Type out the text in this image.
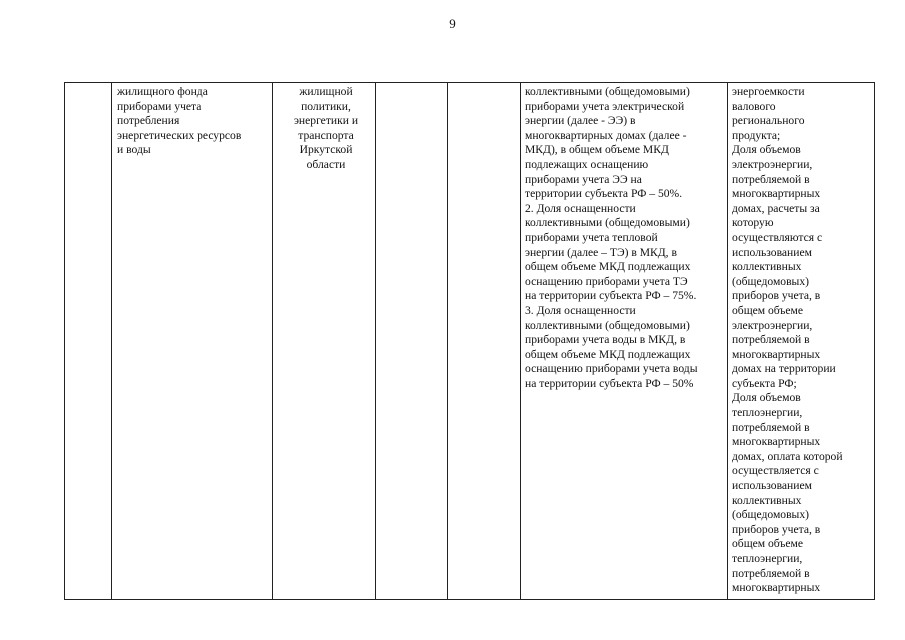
9
жилищного фонда
приборами учета
потребления
энергетических ресурсов
и воды
жилищной
политики,
энергетики и
транспорта
Иркутской
области
коллективными (общедомовыми)
приборами учета электрической
энергии (далее - ЭЭ) в
многоквартирных домах (далее -
МКД), в общем объеме МКД
подлежащих оснащению
приборами учета ЭЭ на
территории субъекта РФ – 50%.
2. Доля оснащенности
коллективными (общедомовыми)
приборами учета тепловой
энергии (далее – ТЭ) в МКД, в
общем объеме МКД подлежащих
оснащению приборами учета ТЭ
на территории субъекта РФ – 75%.
3. Доля оснащенности
коллективными (общедомовыми)
приборами учета воды в МКД, в
общем объеме МКД подлежащих
оснащению приборами учета воды
на территории субъекта РФ – 50%
энергоемкости
валового
регионального
продукта;
Доля объемов
электроэнергии,
потребляемой в
многоквартирных
домах, расчеты за
которую
осуществляются с
использованием
коллективных
(общедомовых)
приборов учета, в
общем объеме
электроэнергии,
потребляемой в
многоквартирных
домах на территории
субъекта РФ;
Доля объемов
теплоэнергии,
потребляемой в
многоквартирных
домах, оплата которой
осуществляется с
использованием
коллективных
(общедомовых)
приборов учета, в
общем объеме
теплоэнергии,
потребляемой в
многоквартирных
